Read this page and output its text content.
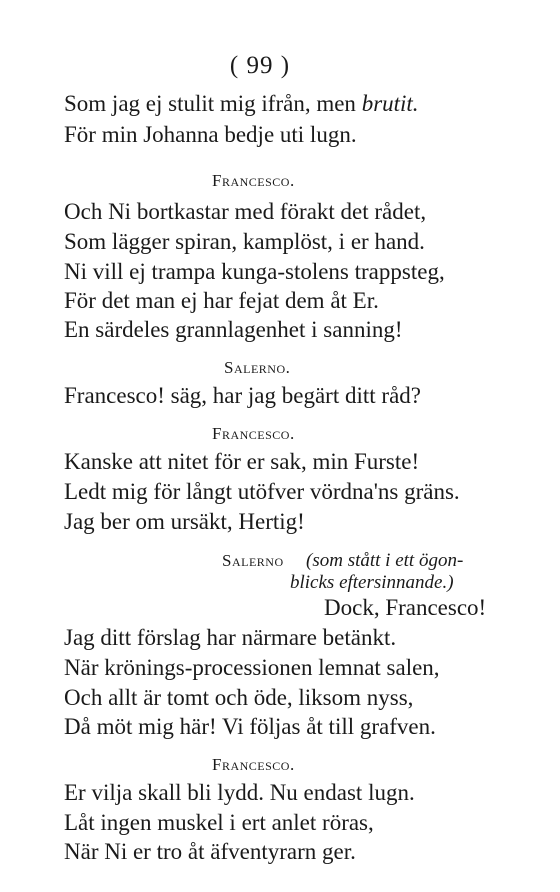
( 99 )
Som jag ej stulit mig ifrån, men brutit.
För min Johanna bedje uti lugn.
Francesco.
Och Ni bortkastar med förakt det rådet,
Som lägger spiran, kamplöst, i er hand.
Ni vill ej trampa kunga-stolens trappsteg,
För det man ej har fejat dem åt Er.
En särdeles grannlagenhet i sanning!
Salerno.
Francesco! säg, har jag begärt ditt råd?
Francesco.
Kanske att nitet för er sak, min Furste!
Ledt mig för långt utöfver vördna'ns gräns.
Jag ber om ursäkt, Hertig!
Salerno (som stått i ett ögon-
blicks eftersinnande.)
Dock, Francesco!
Jag ditt förslag har närmare betänkt.
När krönings-processionen lemnat salen,
Och allt är tomt och öde, liksom nyss,
Då möt mig här! Vi följas åt till grafven.
Francesco.
Er vilja skall bli lydd. Nu endast lugn.
Låt ingen muskel i ert anlet röras,
När Ni er tro åt äfventyrarn ger.
